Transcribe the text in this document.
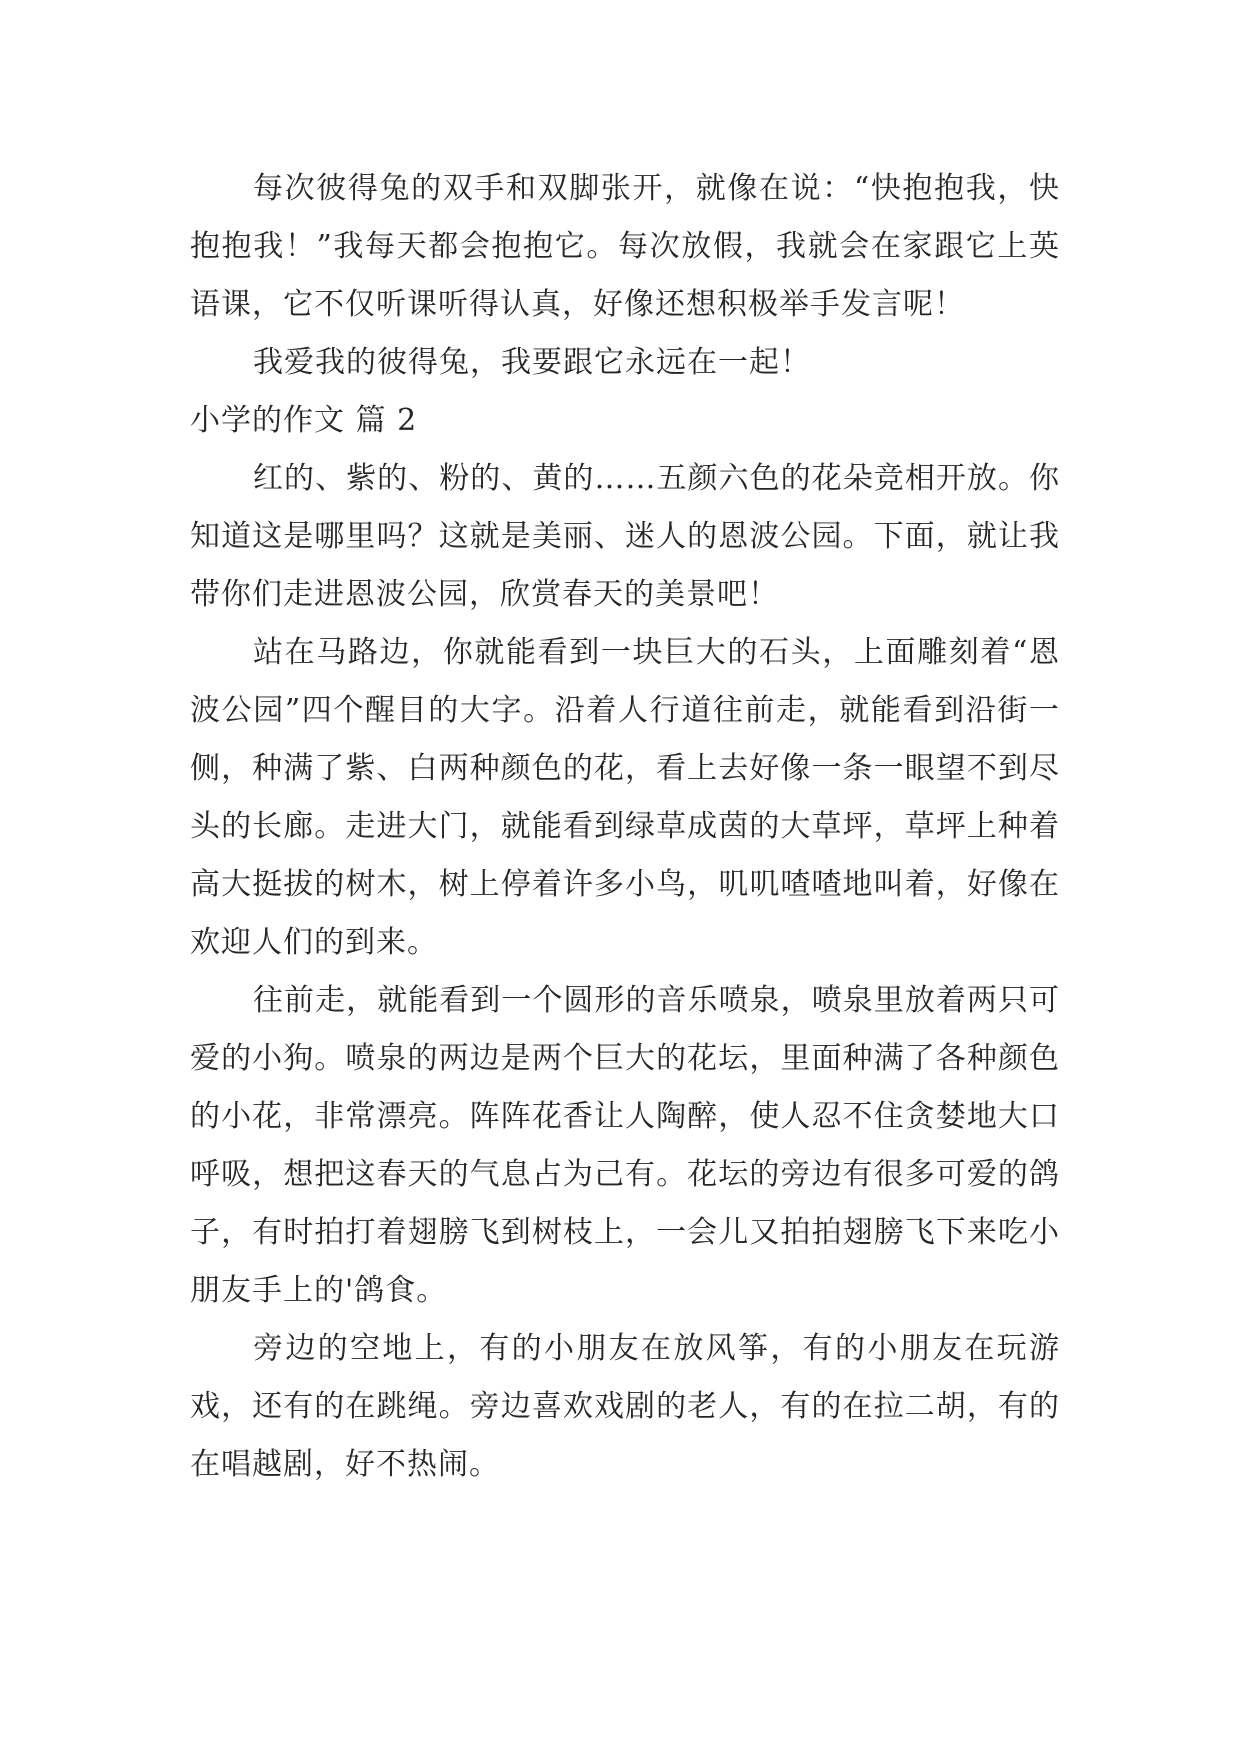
每次彼得兔的双手和双脚张开，就像在说：“快抱抱我，快抱抱我！”我每天都会抱抱它。每次放假，我就会在家跟它上英语课，它不仅听课听得认真，好像还想积极举手发言呢！

我爱我的彼得兔，我要跟它永远在一起！

小学的作文 篇 2

红的、紫的、粉的、黄的……五颜六色的花朵竞相开放。你知道这是哪里吗？这就是美丽、迷人的恩波公园。下面，就让我带你们走进恩波公园，欣赏春天的美景吧！

站在马路边，你就能看到一块巨大的石头，上面雕刻着“恩波公园”四个醒目的大字。沿着人行道往前走，就能看到沿街一侧，种满了紫、白两种颜色的花，看上去好像一条一眼望不到尽头的长廊。走进大门，就能看到绿草成茵的大草坪，草坪上种着高大挺拔的树木，树上停着许多小鸟，叽叽喳喳地叫着，好像在欢迎人们的到来。

往前走，就能看到一个圆形的音乐喷泉，喷泉里放着两只可爱的小狗。喷泉的两边是两个巨大的花坛，里面种满了各种颜色的小花，非常漂亮。阵阵花香让人陶醉，使人忍不住贪婪地大口呼吸，想把这春天的气息占为己有。花坛的旁边有很多可爱的鸽子，有时拍打着翅膀飞到树枝上，一会儿又拍拍翅膀飞下来吃小朋友手上的'鸽食。

旁边的空地上，有的小朋友在放风筝，有的小朋友在玩游戏，还有的在跳绳。旁边喜欢戏剧的老人，有的在拉二胡，有的在唱越剧，好不热闹。
